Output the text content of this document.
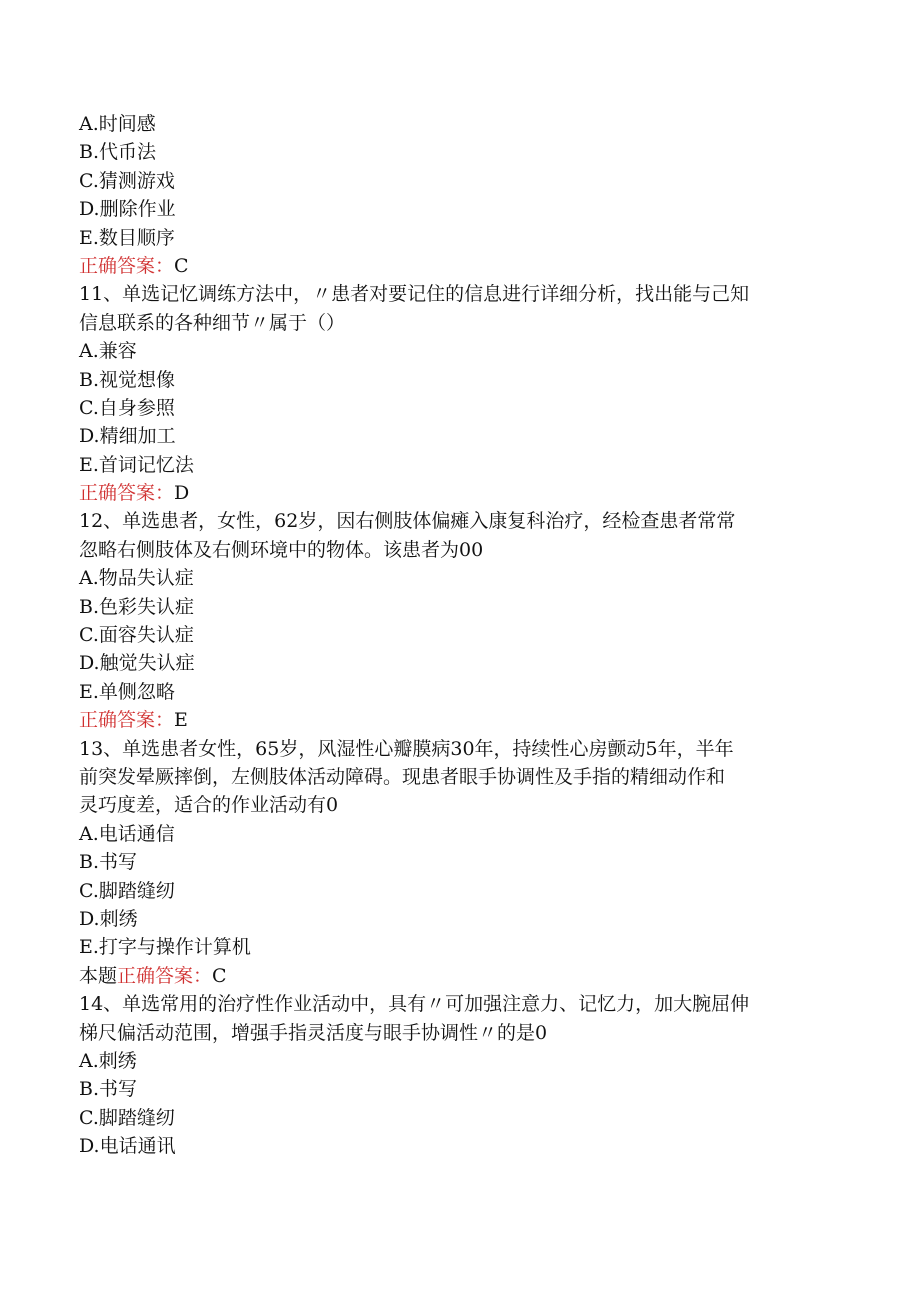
A.时间感
B.代币法
C.猜测游戏
D.删除作业
E.数目顺序
正确答案：C
11、单选记忆调练方法中，〃患者对要记住的信息进行详细分析，找出能与己知
信息联系的各种细节〃属于（）
A.兼容
B.视觉想像
C.自身参照
D.精细加工
E.首词记忆法
正确答案：D
12、单选患者，女性，62岁，因右侧肢体偏瘫入康复科治疗，经检查患者常常
忽略右侧肢体及右侧环境中的物体。该患者为00
A.物品失认症
B.色彩失认症
C.面容失认症
D.触觉失认症
E.单侧忽略
正确答案：E
13、单选患者女性，65岁，风湿性心瓣膜病30年，持续性心房颤动5年，半年
前突发晕厥摔倒，左侧肢体活动障碍。现患者眼手协调性及手指的精细动作和
灵巧度差，适合的作业活动有0
A.电话通信
B.书写
C.脚踏缝纫
D.刺绣
E.打字与操作计算机
本题正确答案：C
14、单选常用的治疗性作业活动中，具有〃可加强注意力、记忆力，加大腕屈伸
梯尺偏活动范围，增强手指灵活度与眼手协调性〃的是0
A.刺绣
B.书写
C.脚踏缝纫
D.电话通讯
